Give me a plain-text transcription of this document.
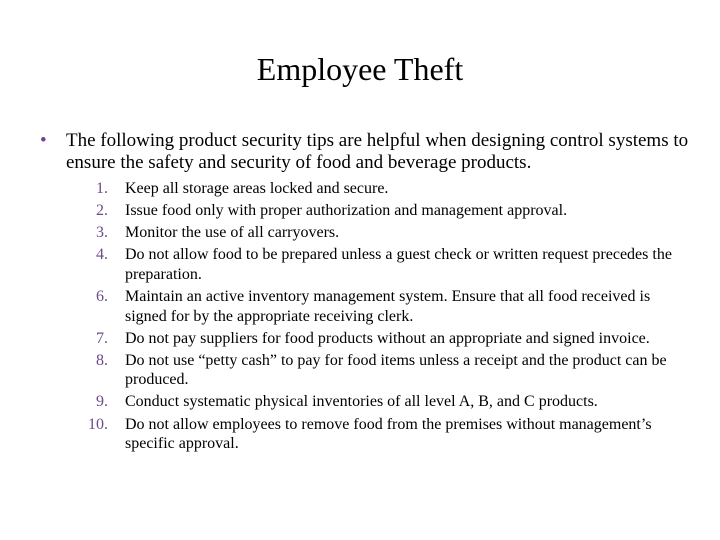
Employee Theft
• The following product security tips are helpful when designing control systems to ensure the safety and security of food and beverage products.
1. Keep all storage areas locked and secure.
2. Issue food only with proper authorization and management approval.
3. Monitor the use of all carryovers.
4. Do not allow food to be prepared unless a guest check or written request precedes the preparation.
6. Maintain an active inventory management system. Ensure that all food received is signed for by the appropriate receiving clerk.
7. Do not pay suppliers for food products without an appropriate and signed invoice.
8. Do not use “petty cash” to pay for food items unless a receipt and the product can be produced.
9. Conduct systematic physical inventories of all level A, B, and C products.
10. Do not allow employees to remove food from the premises without management’s specific approval.
